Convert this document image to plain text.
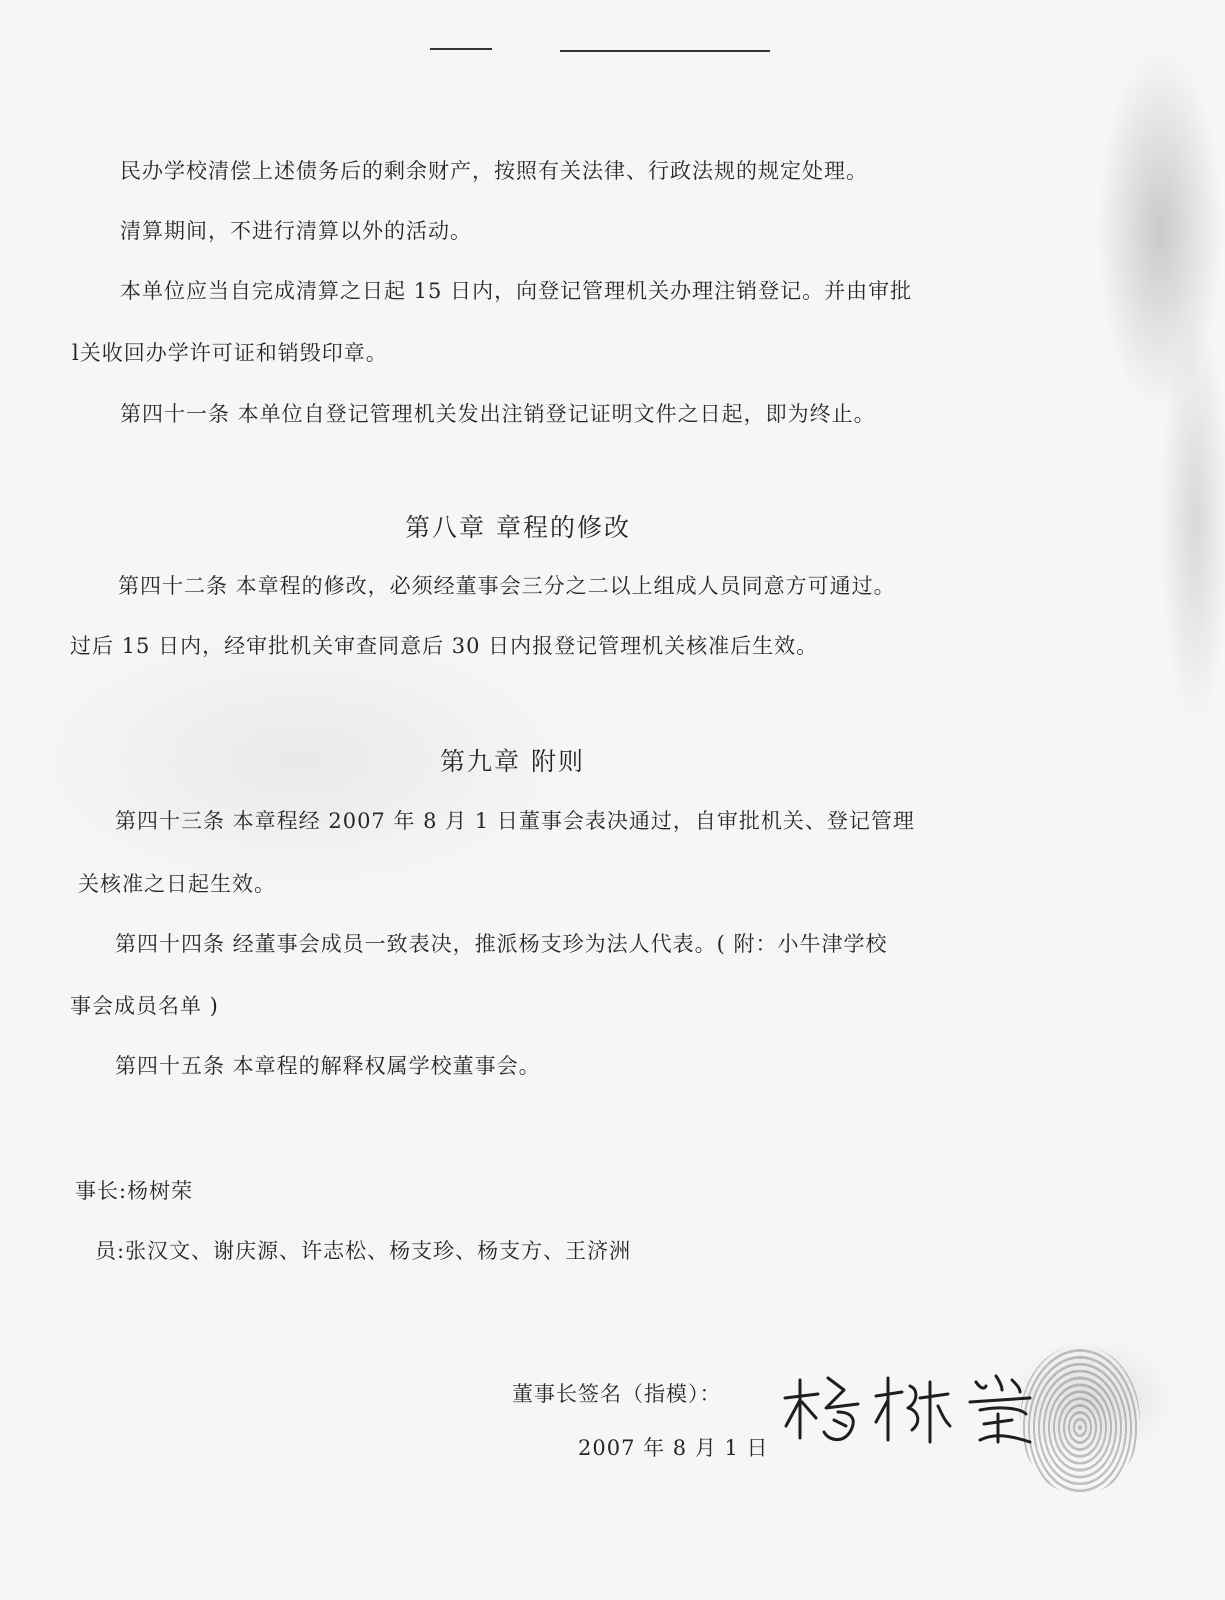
民办学校清偿上述债务后的剩余财产，按照有关法律、行政法规的规定处理。
清算期间，不进行清算以外的活动。
本单位应当自完成清算之日起 15 日内，向登记管理机关办理注销登记。并由审批
l关收回办学许可证和销毁印章。
第四十一条 本单位自登记管理机关发出注销登记证明文件之日起，即为终止。
第八章 章程的修改
第四十二条 本章程的修改，必须经董事会三分之二以上组成人员同意方可通过。
过后 15 日内，经审批机关审查同意后 30 日内报登记管理机关核准后生效。
第九章 附则
第四十三条 本章程经 2007 年 8 月 1 日董事会表决通过，自审批机关、登记管理
关核准之日起生效。
第四十四条 经董事会成员一致表决，推派杨支珍为法人代表。( 附：小牛津学校
事会成员名单 )
第四十五条 本章程的解释权属学校董事会。
事长:杨树荣
员:张汉文、谢庆源、许志松、杨支珍、杨支方、王济洲
董事长签名（指模）：
2007 年 8 月 1 日
